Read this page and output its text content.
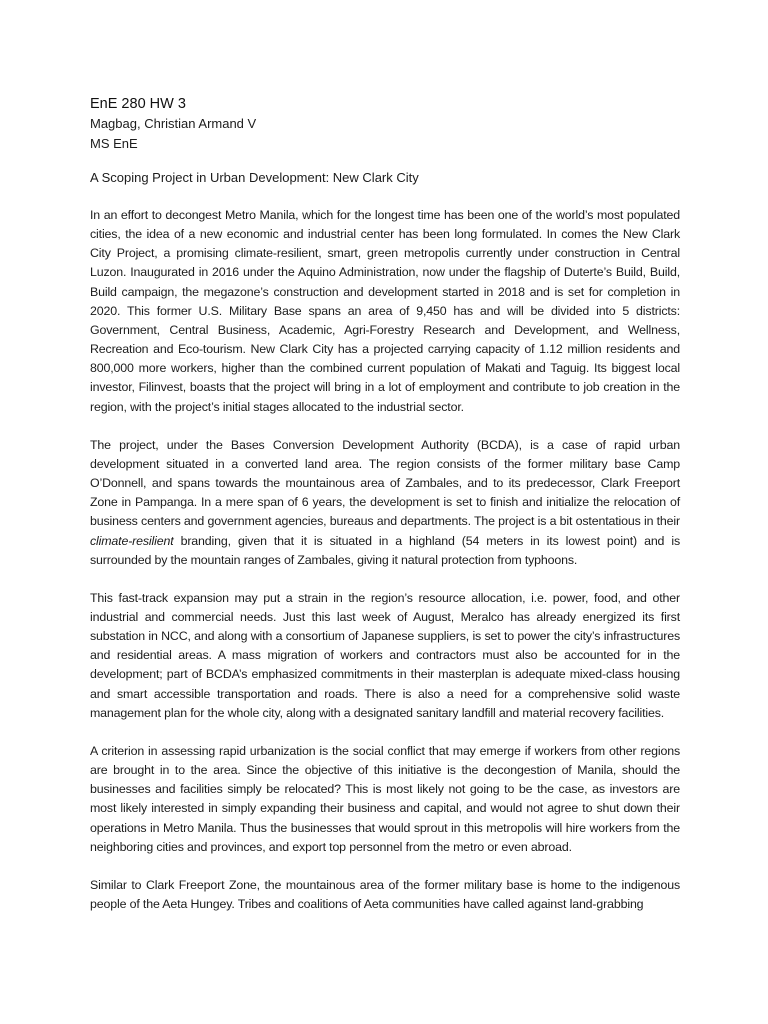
EnE 280 HW 3

Magbag, Christian Armand V

MS EnE

A Scoping Project in Urban Development: New Clark City

In an effort to decongest Metro Manila, which for the longest time has been one of the world’s most populated cities, the idea of a new economic and industrial center has been long formulated. In comes the New Clark City Project, a promising climate-resilient, smart, green metropolis currently under construction in Central Luzon. Inaugurated in 2016 under the Aquino Administration, now under the flagship of Duterte’s Build, Build, Build campaign, the megazone’s construction and development started in 2018 and is set for completion in 2020. This former U.S. Military Base spans an area of 9,450 has and will be divided into 5 districts: Government, Central Business, Academic, Agri-Forestry Research and Development, and Wellness, Recreation and Eco-tourism. New Clark City has a projected carrying capacity of 1.12 million residents and 800,000 more workers, higher than the combined current population of Makati and Taguig. Its biggest local investor, Filinvest, boasts that the project will bring in a lot of employment and contribute to job creation in the region, with the project’s initial stages allocated to the industrial sector.

The project, under the Bases Conversion Development Authority (BCDA), is a case of rapid urban development situated in a converted land area. The region consists of the former military base Camp O’Donnell, and spans towards the mountainous area of Zambales, and to its predecessor, Clark Freeport Zone in Pampanga. In a mere span of 6 years, the development is set to finish and initialize the relocation of business centers and government agencies, bureaus and departments. The project is a bit ostentatious in their climate-resilient branding, given that it is situated in a highland (54 meters in its lowest point) and is surrounded by the mountain ranges of Zambales, giving it natural protection from typhoons.

This fast-track expansion may put a strain in the region’s resource allocation, i.e. power, food, and other industrial and commercial needs. Just this last week of August, Meralco has already energized its first substation in NCC, and along with a consortium of Japanese suppliers, is set to power the city’s infrastructures and residential areas. A mass migration of workers and contractors must also be accounted for in the development; part of BCDA’s emphasized commitments in their masterplan is adequate mixed-class housing and smart accessible transportation and roads. There is also a need for a comprehensive solid waste management plan for the whole city, along with a designated sanitary landfill and material recovery facilities.

A criterion in assessing rapid urbanization is the social conflict that may emerge if workers from other regions are brought in to the area. Since the objective of this initiative is the decongestion of Manila, should the businesses and facilities simply be relocated? This is most likely not going to be the case, as investors are most likely interested in simply expanding their business and capital, and would not agree to shut down their operations in Metro Manila. Thus the businesses that would sprout in this metropolis will hire workers from the neighboring cities and provinces, and export top personnel from the metro or even abroad.

Similar to Clark Freeport Zone, the mountainous area of the former military base is home to the indigenous people of the Aeta Hungey. Tribes and coalitions of Aeta communities have called against land-grabbing
